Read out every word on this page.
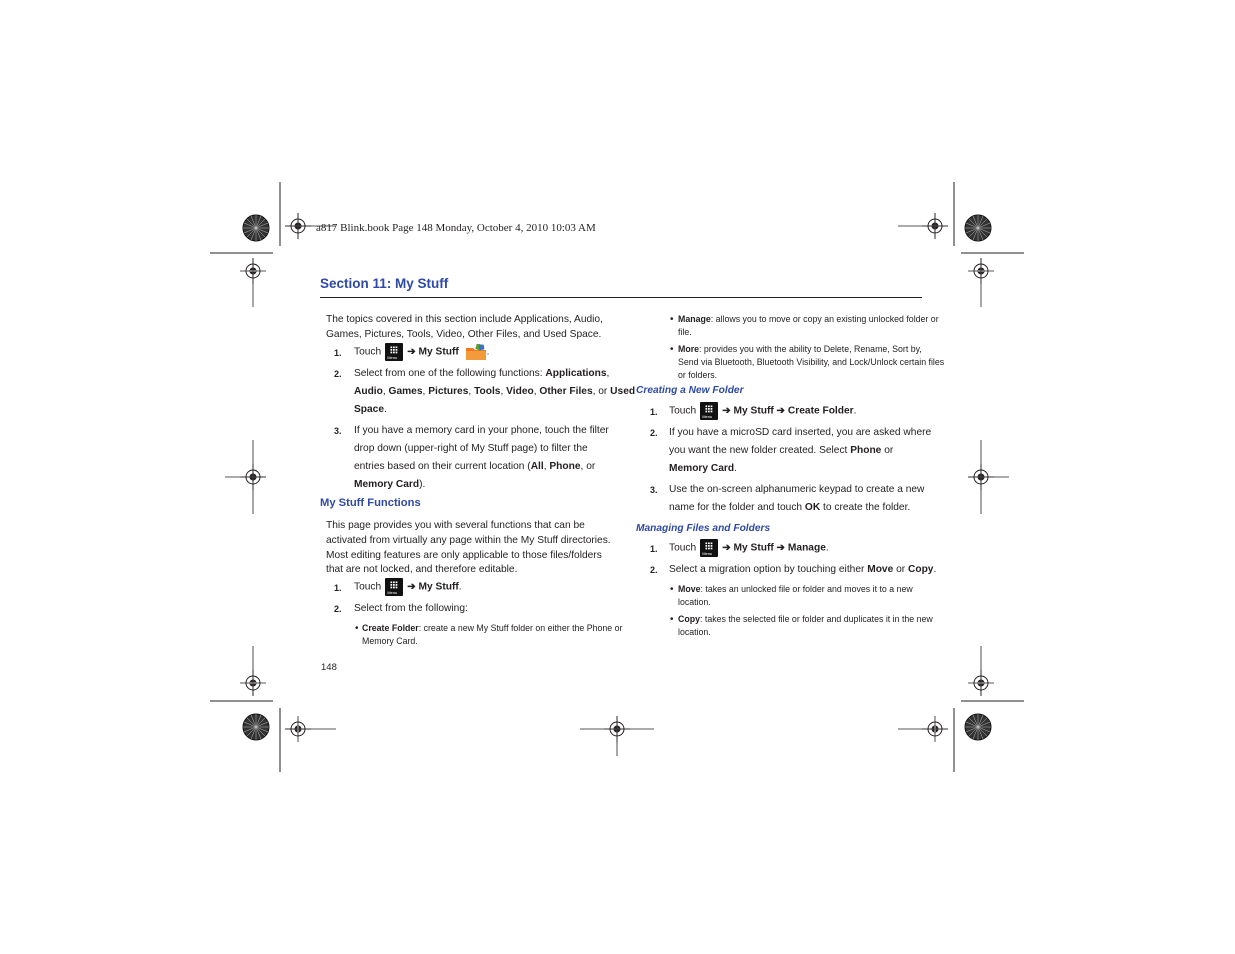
a817 Blink.book Page 148 Monday, October 4, 2010 10:03 AM
Section 11: My Stuff
The topics covered in this section include Applications, Audio,
Games, Pictures, Tools, Video, Other Files, and Used Space.
1. Touch Menu ➔ My Stuff	.
2. Select from one of the following functions: Applications,
Audio, Games, Pictures, Tools, Video, Other Files, or Used
Space.
3. If you have a memory card in your phone, touch the filter
drop down (upper-right of My Stuff page) to filter the
entries based on their current location (All, Phone, or
Memory Card).
My Stuff Functions
This page provides you with several functions that can be
activated from virtually any page within the My Stuff directories.
Most editing features are only applicable to those files/folders
that are not locked, and therefore editable.
1. Touch Menu ➔ My Stuff.
2. Select from the following:
• Create Folder: create a new My Stuff folder on either the Phone or
Memory Card.
148
• Manage: allows you to move or copy an existing unlocked folder or
file.
• More: provides you with the ability to Delete, Rename, Sort by,
Send via Bluetooth, Bluetooth Visibility, and Lock/Unlock certain files
or folders.
Creating a New Folder
1. Touch Menu ➔ My Stuff ➔ Create Folder.
2. If you have a microSD card inserted, you are asked where
you want the new folder created. Select Phone or
Memory Card.
3. Use the on-screen alphanumeric keypad to create a new
name for the folder and touch OK to create the folder.
Managing Files and Folders
1. Touch Menu ➔ My Stuff ➔ Manage.
2. Select a migration option by touching either Move or Copy.
• Move: takes an unlocked file or folder and moves it to a new
location.
• Copy: takes the selected file or folder and duplicates it in the new
location.
